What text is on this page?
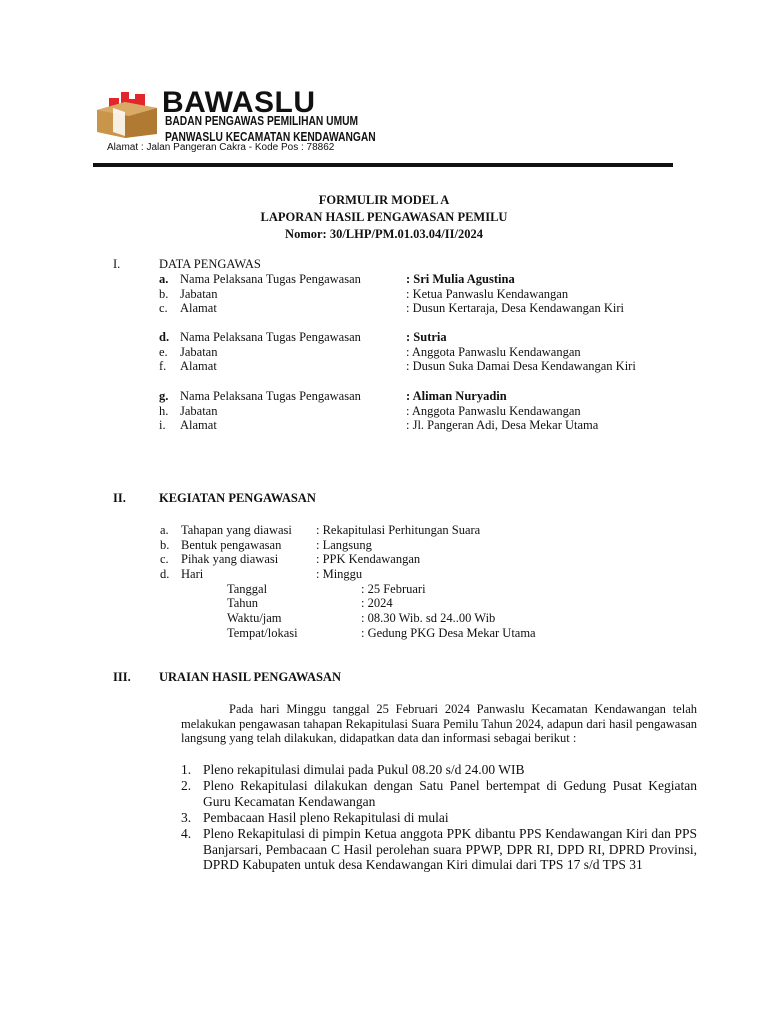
BAWASLU
BADAN PENGAWAS PEMILIHAN UMUM
PANWASLU KECAMATAN KENDAWANGAN
Alamat : Jalan Pangeran Cakra - Kode Pos : 78862
FORMULIR MODEL A
LAPORAN HASIL PENGAWASAN PEMILU
Nomor: 30/LHP/PM.01.03.04/II/2024
I.	DATA PENGAWAS
a. Nama Pelaksana Tugas Pengawasan	: Sri Mulia Agustina
b. Jabatan	: Ketua Panwaslu Kendawangan
c. Alamat	: Dusun Kertaraja, Desa Kendawangan Kiri
d. Nama Pelaksana Tugas Pengawasan	: Sutria
e. Jabatan	: Anggota Panwaslu Kendawangan
f. Alamat	: Dusun Suka Damai Desa Kendawangan Kiri
g. Nama Pelaksana Tugas Pengawasan	: Aliman Nuryadin
h. Jabatan	: Anggota Panwaslu Kendawangan
i. Alamat	: Jl. Pangeran Adi, Desa Mekar Utama
II.	KEGIATAN PENGAWASAN
a. Tahapan yang diawasi : Rekapitulasi Perhitungan Suara
b. Bentuk pengawasan	: Langsung
c. Pihak yang diawasi	: PPK Kendawangan
d. Hari	: Minggu
Tanggal	: 25 Februari
Tahun	: 2024
Waktu/jam	: 08.30 Wib. sd 24..00 Wib
Tempat/lokasi	: Gedung PKG Desa Mekar Utama
III. URAIAN HASIL PENGAWASAN
Pada hari Minggu tanggal 25 Februari 2024 Panwaslu Kecamatan Kendawangan telah melakukan pengawasan tahapan Rekapitulasi Suara Pemilu Tahun 2024, adapun dari hasil pengawasan langsung yang telah dilakukan, didapatkan data dan informasi sebagai berikut :
1. Pleno rekapitulasi dimulai pada Pukul 08.20 s/d 24.00 WIB
2. Pleno Rekapitulasi dilakukan dengan Satu Panel bertempat di Gedung Pusat Kegiatan Guru Kecamatan Kendawangan
3. Pembacaan Hasil pleno Rekapitulasi di mulai
4. Pleno Rekapitulasi di pimpin Ketua anggota PPK dibantu PPS Kendawangan Kiri dan PPS Banjarsari, Pembacaan C Hasil perolehan suara PPWP, DPR RI, DPD RI, DPRD Provinsi, DPRD Kabupaten untuk desa Kendawangan Kiri dimulai dari TPS 17 s/d TPS 31
